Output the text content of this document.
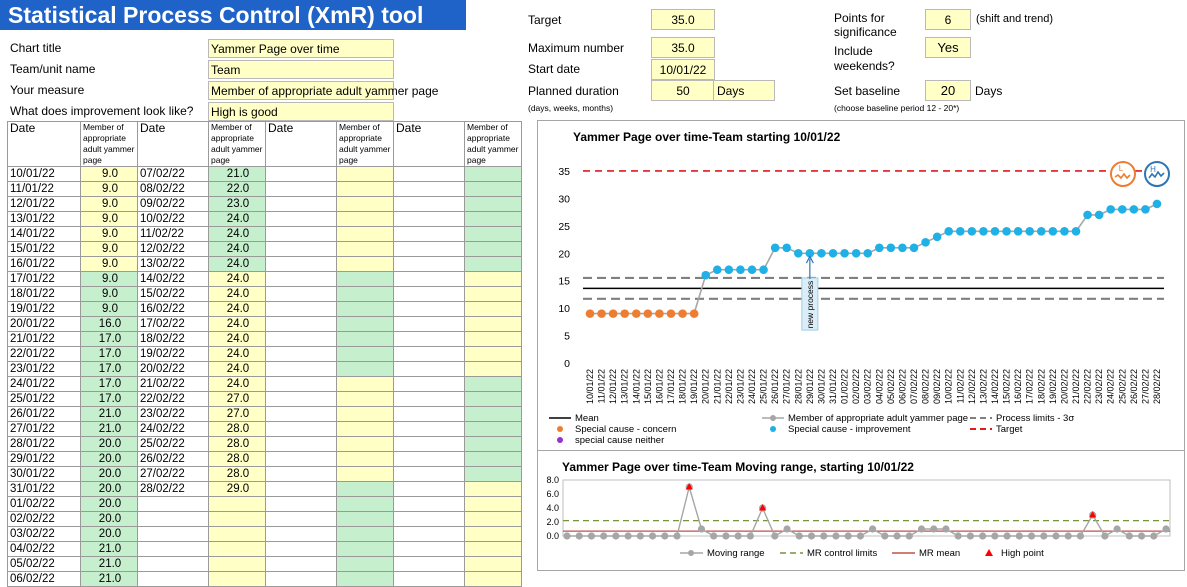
Statistical Process Control (XmR) tool
Chart title	Yammer Page over time
Team/unit name	Team
Your measure	Member of appropriate adult yammer page
What does improvement look like? High is good
Target	35.0
Maximum number	35.0
Start date	10/01/22
Planned duration	50	Days
(days, weeks, months)
Points for
significance
6	(shift and trend)
Include
weekends?
Yes
Set baseline	20	Days
(choose baseline period 12 - 20*)
Date	Member of appropriate adult yammer page	Date	Member of appropriate adult yammer page	Date	Member of appropriate adult yammer page	Date	Member of appropriate adult yammer page
10/01/22	9.0	07/02/22	21.0				
11/01/22	9.0	08/02/22	22.0				
12/01/22	9.0	09/02/22	23.0				
13/01/22	9.0	10/02/22	24.0				
14/01/22	9.0	11/02/22	24.0				
15/01/22	9.0	12/02/22	24.0				
16/01/22	9.0	13/02/22	24.0				
17/01/22	9.0	14/02/22	24.0				
18/01/22	9.0	15/02/22	24.0				
19/01/22	9.0	16/02/22	24.0				
20/01/22	16.0	17/02/22	24.0				
21/01/22	17.0	18/02/22	24.0				
22/01/22	17.0	19/02/22	24.0				
23/01/22	17.0	20/02/22	24.0				
24/01/22	17.0	21/02/22	24.0				
25/01/22	17.0	22/02/22	27.0				
26/01/22	21.0	23/02/22	27.0				
27/01/22	21.0	24/02/22	28.0				
28/01/22	20.0	25/02/22	28.0				
29/01/22	20.0	26/02/22	28.0				
30/01/22	20.0	27/02/22	28.0				
31/01/22	20.0	28/02/22	29.0				
01/02/22	20.0						
02/02/22	20.0						
03/02/22	20.0						
04/02/22	21.0						
05/02/22	21.0						
06/02/22	21.0						
Yammer Page over time-Team starting 10/01/22
0
5
10
15
20
25
30
35
new process
10/01/22 11/01/22 12/01/22 13/01/22 14/01/22 15/01/22 16/01/22 17/01/22 18/01/22 19/01/22 20/01/22 21/01/22 22/01/22 23/01/22 24/01/22 25/01/22 26/01/22 27/01/22 28/01/22 29/01/22 30/01/22 31/01/22 01/02/22 02/02/22 03/02/22 04/02/22 05/02/22 06/02/22 07/02/22 08/02/22 09/02/22 10/02/22 11/02/22 12/02/22 13/02/22 14/02/22 15/02/22 16/02/22 17/02/22 18/02/22 19/02/22 20/02/22 21/02/22 22/02/22 23/02/22 24/02/22 25/02/22 26/02/22 27/02/22 28/02/22
L	H
Mean	Member of appropriate adult yammer page	Process limits - 3σ
Special cause - concern	Special cause - improvement	Target
special cause neither
Yammer Page over time-Team Moving range, starting 10/01/22
0.0
2.0
4.0
6.0
8.0
Moving range	MR control limits	MR mean	High point
